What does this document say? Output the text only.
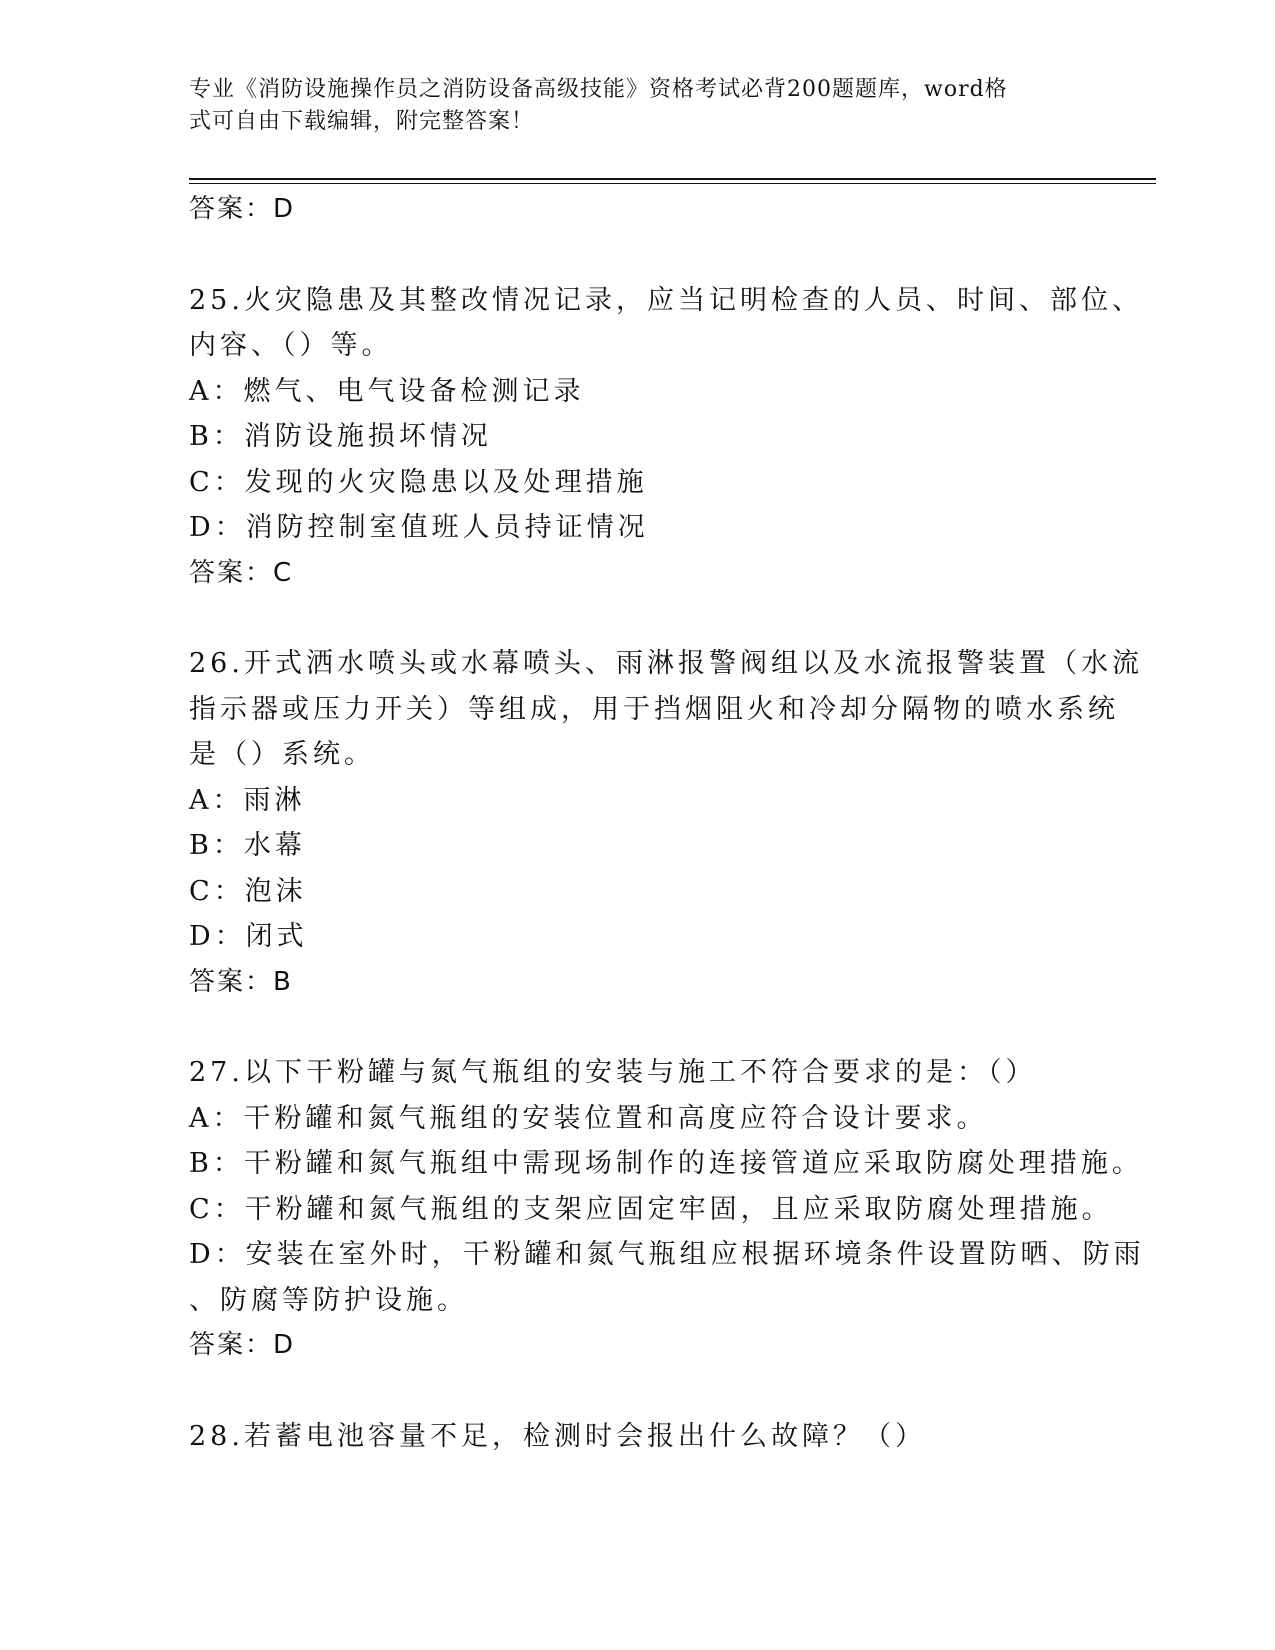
专业《消防设施操作员之消防设备高级技能》资格考试必背200题题库，word格
式可自由下载编辑，附完整答案！

答案：D

25.火灾隐患及其整改情况记录，应当记明检查的人员、时间、部位、

内容、（）等。

A：燃气、电气设备检测记录

B：消防设施损坏情况

C：发现的火灾隐患以及处理措施

D：消防控制室值班人员持证情况

答案：C

26.开式洒水喷头或水幕喷头、雨淋报警阀组以及水流报警装置（水流

指示器或压力开关）等组成，用于挡烟阻火和冷却分隔物的喷水系统

是（）系统。

A：雨淋

B：水幕

C：泡沫

D：闭式

答案：B

27.以下干粉罐与氮气瓶组的安装与施工不符合要求的是：（）

A：干粉罐和氮气瓶组的安装位置和高度应符合设计要求。

B：干粉罐和氮气瓶组中需现场制作的连接管道应采取防腐处理措施。

C：干粉罐和氮气瓶组的支架应固定牢固，且应采取防腐处理措施。

D：安装在室外时，干粉罐和氮气瓶组应根据环境条件设置防晒、防雨

、防腐等防护设施。

答案：D

28.若蓄电池容量不足，检测时会报出什么故障？（）
